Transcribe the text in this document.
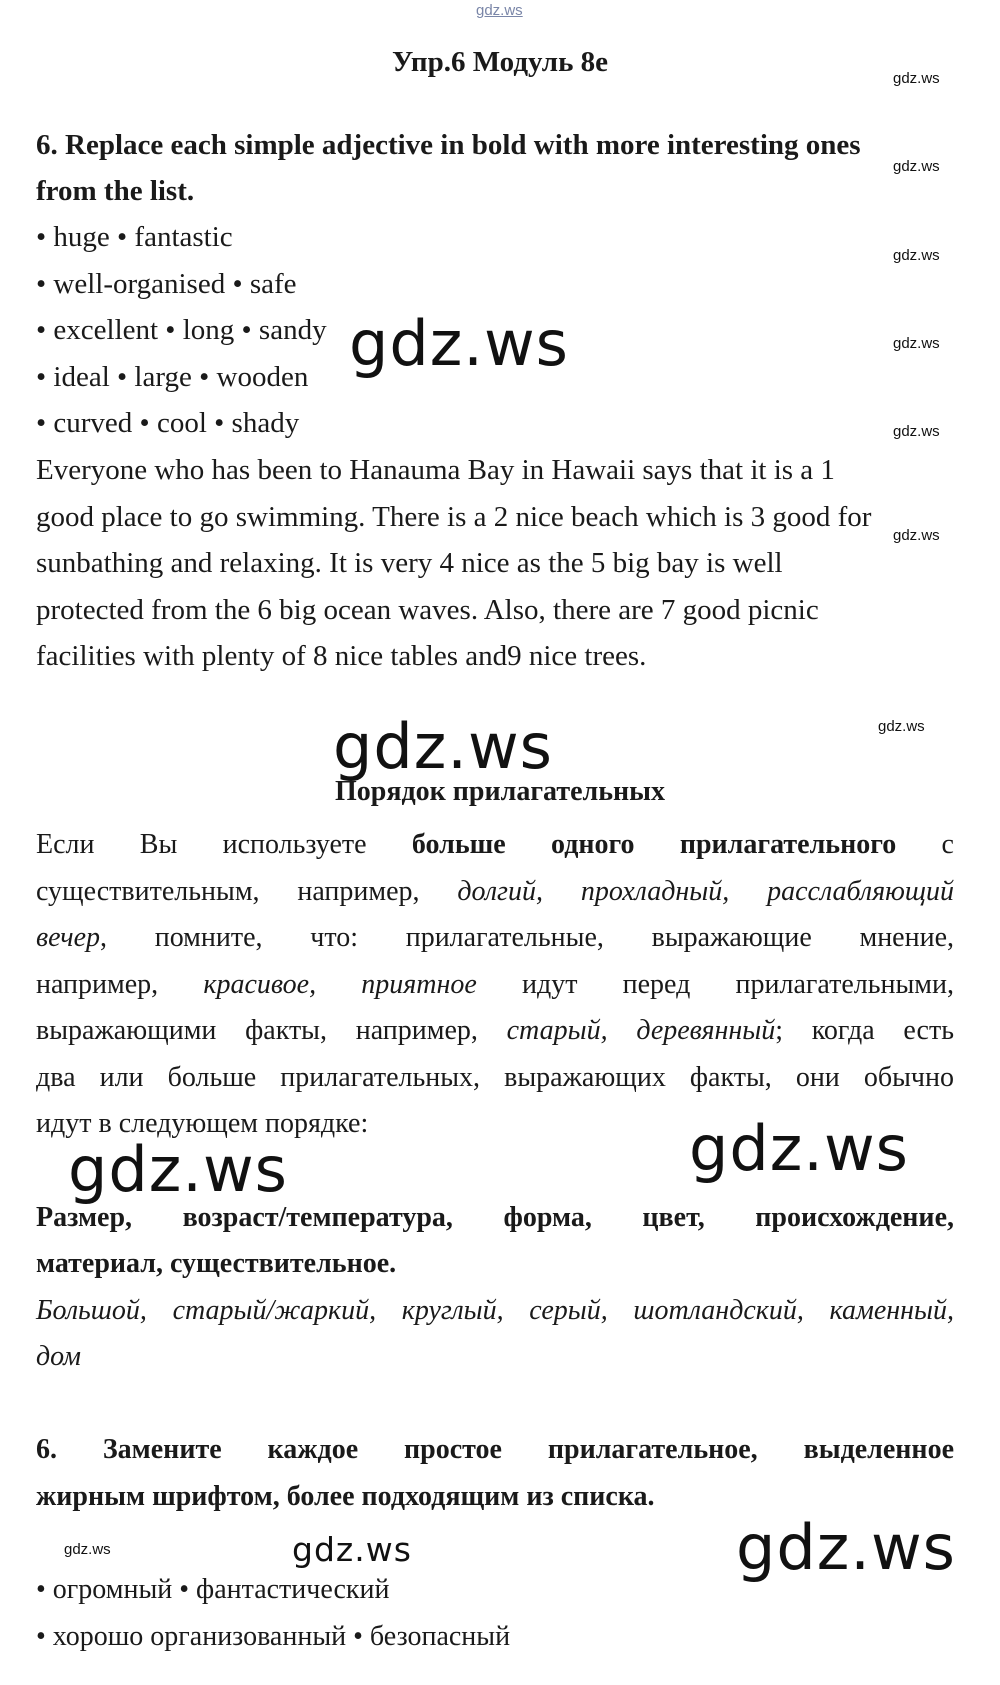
gdz.ws
Упр.6 Модуль 8е
6. Replace each simple adjective in bold with more interesting ones
from the list.
• huge • fantastic
• well-organised • safe
• excellent • long • sandy
• ideal • large • wooden
• curved • cool • shady
Everyone who has been to Hanauma Bay in Hawaii says that it is a 1
good place to go swimming. There is a 2 nice beach which is 3 good for
sunbathing and relaxing. It is very 4 nice as the 5 big bay is well
protected from the 6 big ocean waves. Also, there are 7 good picnic
facilities with plenty of 8 nice tables and9 nice trees.
Порядок прилагательных
Если Вы используете больше одного прилагательного с
существительным, например, долгий, прохладный, расслабляющий
вечер, помните, что: прилагательные, выражающие мнение,
например, красивое, приятное идут перед прилагательными,
выражающими факты, например, старый, деревянный; когда есть
два или больше прилагательных, выражающих факты, они обычно
идут в следующем порядке:
Размер, возраст/температура, форма, цвет, происхождение,
материал, существительное.
Большой, старый/жаркий, круглый, серый, шотландский, каменный,
дом
6. Замените каждое простое прилагательное, выделенное
жирным шрифтом, более подходящим из списка.
• огромный • фантастический
• хорошо организованный • безопасный
gdz.ws
gdz.ws
gdz.ws
gdz.ws
gdz.ws
gdz.ws
gdz.ws
gdz.ws
gdz.ws
gdz.ws
gdz.ws
gdz.ws
gdz.ws
gdz.ws
